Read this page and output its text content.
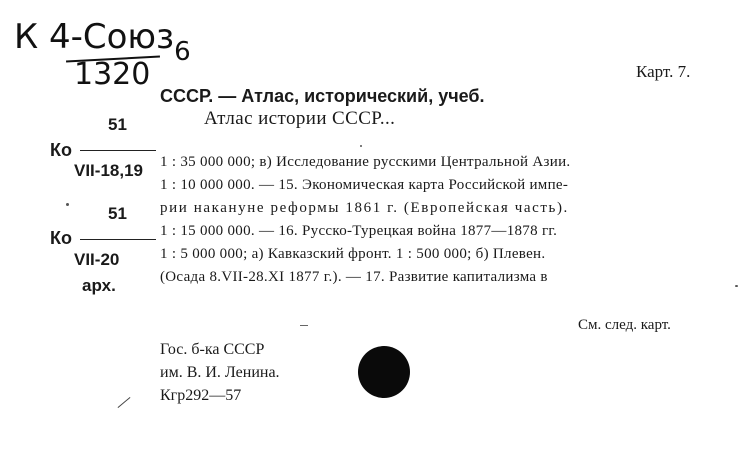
К 4-Союз$_6$
1320	Карт. 7.
СССР. — Атлас, исторический, учеб.
Атлас истории СССР...
51
Ко
VII-18,19
51
Ко
VII-20
арх.
1 : 35 000 000; в) Исследование русскими Центральной Азии.
1 : 10 000 000. — 15. Экономическая карта Российской импе-
рии накануне реформы 1861 г. (Европейская часть).
1 : 15 000 000. — 16. Русско-Турецкая война 1877—1878 гг.
1 : 5 000 000; а) Кавказский фронт. 1 : 500 000; б) Плевен.
(Осада 8.VII-28.XI 1877 г.). — 17. Развитие капитализма в
См. след. карт.
Гос. б-ка СССР
им. В. И. Ленина.
Кгр292—57
